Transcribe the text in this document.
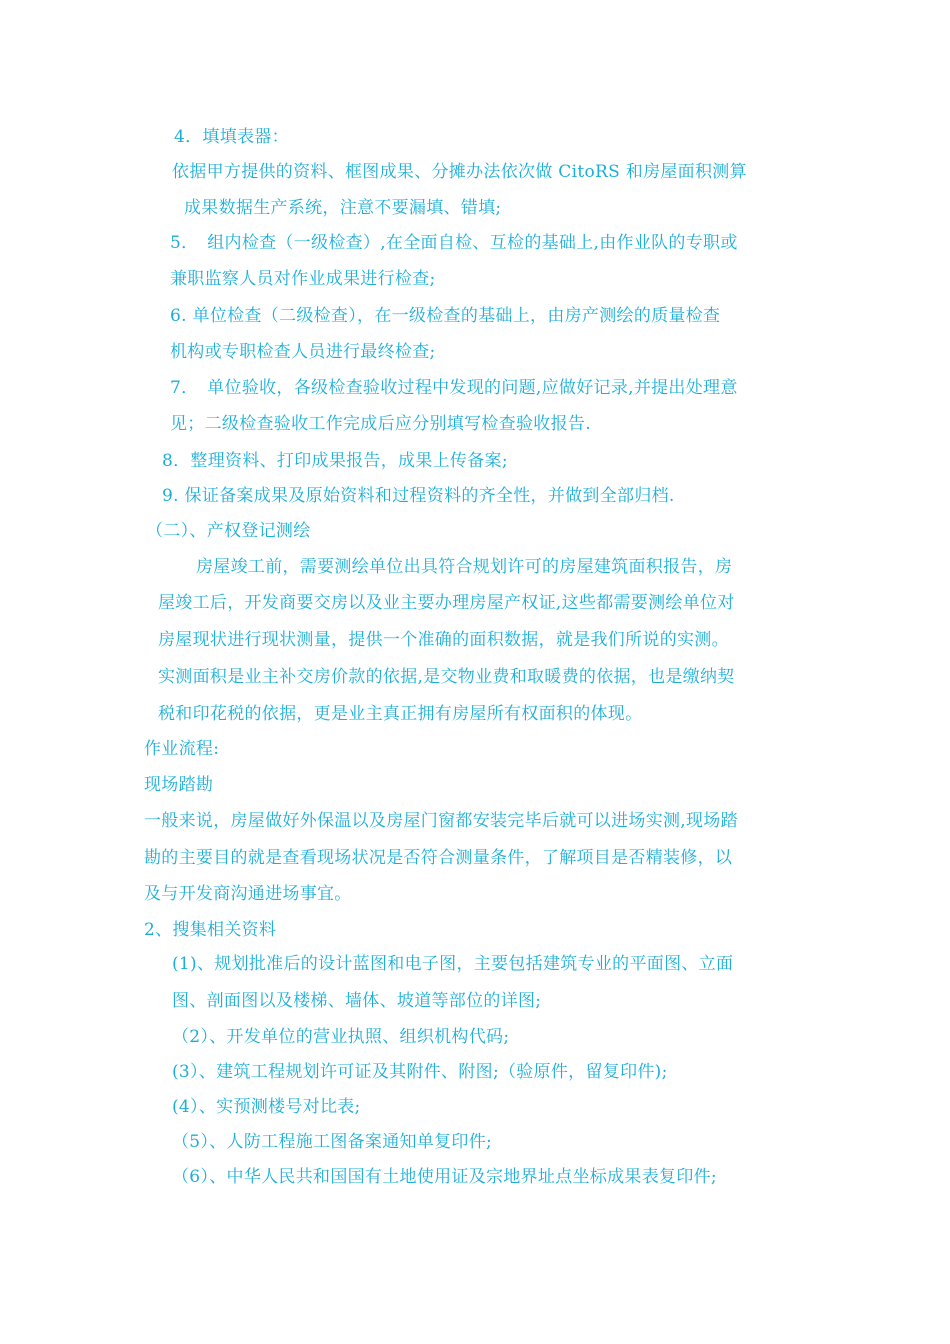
4．填填表器：
依据甲方提供的资料、框图成果、分摊办法依次做 CitoRS 和房屋面积测算
成果数据生产系统，注意不要漏填、错填;
5．　组内检查（一级检查）,在全面自检、互检的基础上,由作业队的专职或
兼职监察人员对作业成果进行检查;
6. 单位检查（二级检查），在一级检查的基础上，由房产测绘的质量检查
机构或专职检查人员进行最终检查;
7．　单位验收，各级检查验收过程中发现的问题,应做好记录,并提出处理意
见；二级检查验收工作完成后应分别填写检查验收报告.
8．整理资料、打印成果报告，成果上传备案;
9. 保证备案成果及原始资料和过程资料的齐全性，并做到全部归档.
（二）、产权登记测绘
房屋竣工前，需要测绘单位出具符合规划许可的房屋建筑面积报告，房
屋竣工后，开发商要交房以及业主要办理房屋产权证,这些都需要测绘单位对
房屋现状进行现状测量，提供一个准确的面积数据，就是我们所说的实测。
实测面积是业主补交房价款的依据,是交物业费和取暖费的依据，也是缴纳契
税和印花税的依据，更是业主真正拥有房屋所有权面积的体现。
作业流程:
现场踏勘
一般来说，房屋做好外保温以及房屋门窗都安装完毕后就可以进场实测,现场踏
勘的主要目的就是查看现场状况是否符合测量条件，了解项目是否精装修，以
及与开发商沟通进场事宜。
2、搜集相关资料
(1)、规划批准后的设计蓝图和电子图，主要包括建筑专业的平面图、立面
图、剖面图以及楼梯、墙体、坡道等部位的详图;
（2）、开发单位的营业执照、组织机构代码;
(3）、建筑工程规划许可证及其附件、附图;（验原件，留复印件);
(4）、实预测楼号对比表;
（5）、人防工程施工图备案通知单复印件;
（6）、中华人民共和国国有土地使用证及宗地界址点坐标成果表复印件;
